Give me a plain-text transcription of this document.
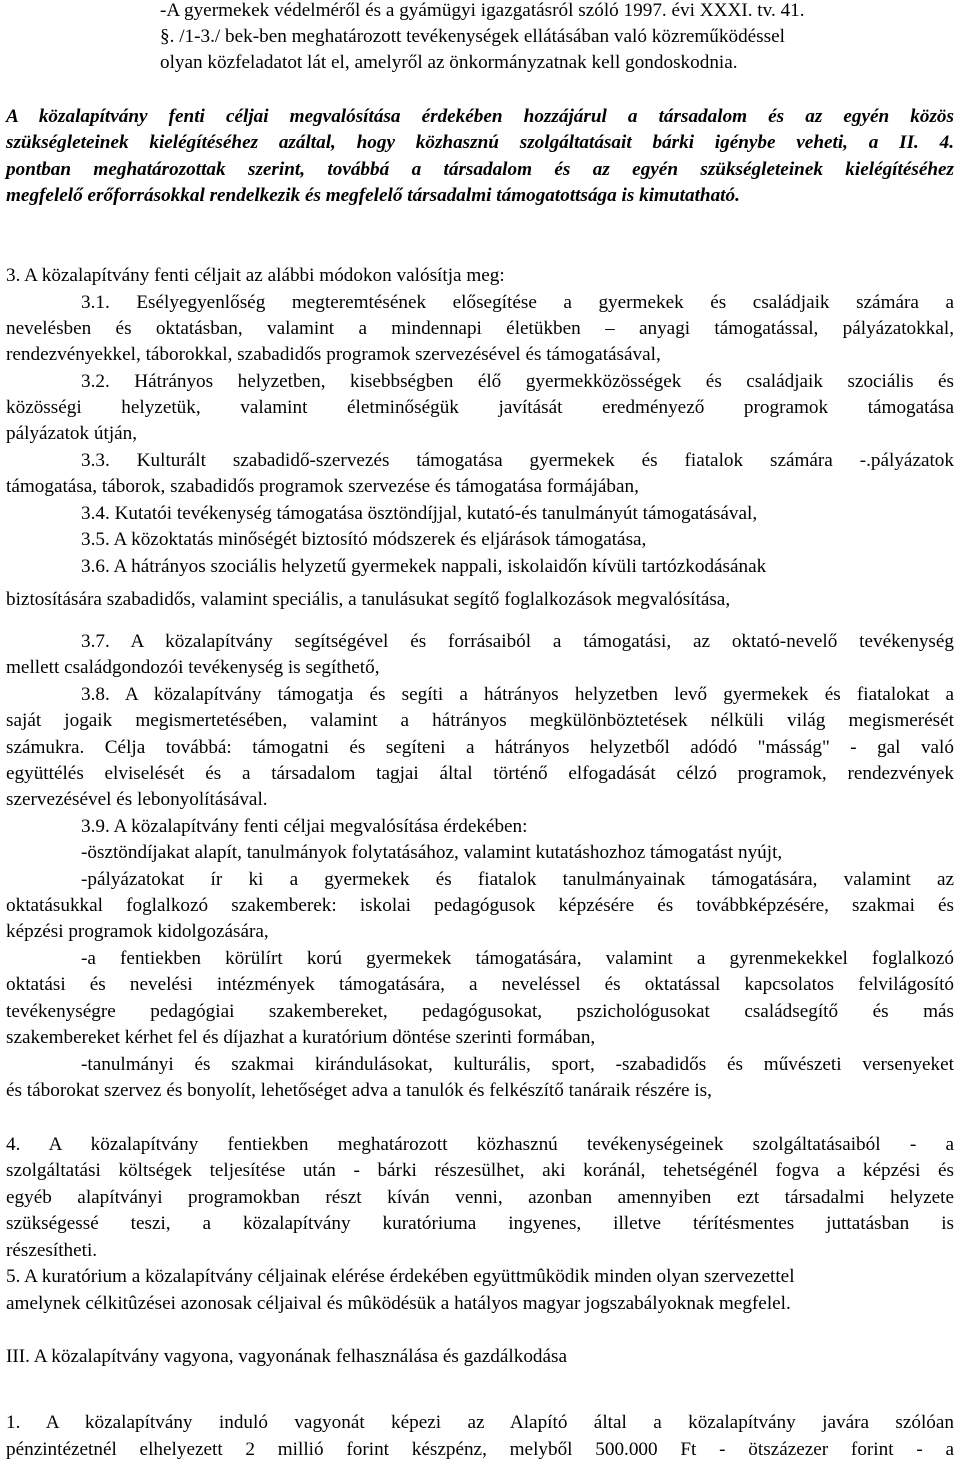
-A gyermekek védelméről és a gyámügyi igazgatásról szóló 1997. évi XXXI. tv. 41.
§. /1-3./ bek-ben meghatározott tevékenységek ellátásában való közreműködéssel
olyan közfeladatot lát el, amelyről az önkormányzatnak kell gondoskodnia.
A közalapítvány fenti céljai megvalósítása érdekében hozzájárul a társadalom és az egyén közös
szükségleteinek kielégítéséhez azáltal, hogy közhasznú szolgáltatásait bárki igénybe veheti, a II. 4.
pontban meghatározottak szerint, továbbá a társadalom és az egyén szükségleteinek kielégítéséhez
megfelelő erőforrásokkal rendelkezik és megfelelő társadalmi támogatottsága is kimutatható.
3. A közalapítvány fenti céljait az alábbi módokon valósítja meg:
3.1. Esélyegyenlőség megteremtésének elősegítése a gyermekek és családjaik számára a
nevelésben és oktatásban, valamint a mindennapi életükben – anyagi támogatással, pályázatokkal,
rendezvényekkel, táborokkal, szabadidős programok szervezésével és támogatásával,
3.2. Hátrányos helyzetben, kisebbségben élő gyermekközösségek és családjaik szociális és
közösségi helyzetük, valamint életminőségük javítását eredményező programok támogatása
pályázatok útján,
3.3. Kulturált szabadidő-szervezés támogatása gyermekek és fiatalok számára -.pályázatok
támogatása, táborok, szabadidős programok szervezése és támogatása formájában,
3.4. Kutatói tevékenység támogatása ösztöndíjjal, kutató-és tanulmányút támogatásával,
3.5. A közoktatás minőségét biztosító módszerek és eljárások támogatása,
3.6. A hátrányos szociális helyzetű gyermekek nappali, iskolaidőn kívüli tartózkodásának
biztosítására szabadidős, valamint speciális, a tanulásukat segítő foglalkozások megvalósítása,
3.7. A közalapítvány segítségével és forrásaiból a támogatási, az oktató-nevelő tevékenység
mellett családgondozói tevékenység is segíthető,
3.8. A közalapítvány támogatja és segíti a hátrányos helyzetben levő gyermekek és fiatalokat a
saját jogaik megismertetésében, valamint a hátrányos megkülönböztetések nélküli világ megismerését
számukra. Célja továbbá: támogatni és segíteni a hátrányos helyzetből adódó "másság" - gal való
együttélés elviselését és a társadalom tagjai által történő elfogadását célzó programok, rendezvények
szervezésével és lebonyolításával.
3.9. A közalapítvány fenti céljai megvalósítása érdekében:
-ösztöndíjakat alapít, tanulmányok folytatásához, valamint kutatáshozhoz támogatást nyújt,
-pályázatokat ír ki a gyermekek és fiatalok tanulmányainak támogatására, valamint az
oktatásukkal foglalkozó szakemberek: iskolai pedagógusok képzésére és továbbképzésére, szakmai és
képzési programok kidolgozására,
-a fentiekben körülírt korú gyermekek támogatására, valamint a gyrenmekekkel foglalkozó
oktatási és nevelési intézmények támogatására, a neveléssel és oktatással kapcsolatos felvilágosító
tevékenységre pedagógiai szakembereket, pedagógusokat, pszichológusokat családsegítő és más
szakembereket kérhet fel és díjazhat a kuratórium döntése szerinti formában,
-tanulmányi és szakmai kirándulásokat, kulturális, sport, -szabadidős és művészeti versenyeket
és táborokat szervez és bonyolít, lehetőséget adva a tanulók és felkészítő tanáraik részére is,
4. A közalapítvány fentiekben meghatározott közhasznú tevékenységeinek szolgáltatásaiból - a
szolgáltatási költségek teljesítése után - bárki részesülhet, aki koránál, tehetségénél fogva a képzési és
egyéb alapítványi programokban részt kíván venni, azonban amennyiben ezt társadalmi helyzete
szükségessé teszi, a közalapítvány kuratóriuma ingyenes, illetve térítésmentes juttatásban is
részesítheti.
5. A kuratórium a közalapítvány céljainak elérése érdekében együttmûködik minden olyan szervezettel
amelynek célkitûzései azonosak céljaival és mûködésük a hatályos magyar jogszabályoknak megfelel.
III. A közalapítvány vagyona, vagyonának felhasználása és gazdálkodása
1. A közalapítvány induló vagyonát képezi az Alapító által a közalapítvány javára szólóan
pénzintézetnél elhelyezett 2 millió forint készpénz, melyből 500.000 Ft - ötszázezer forint - a
